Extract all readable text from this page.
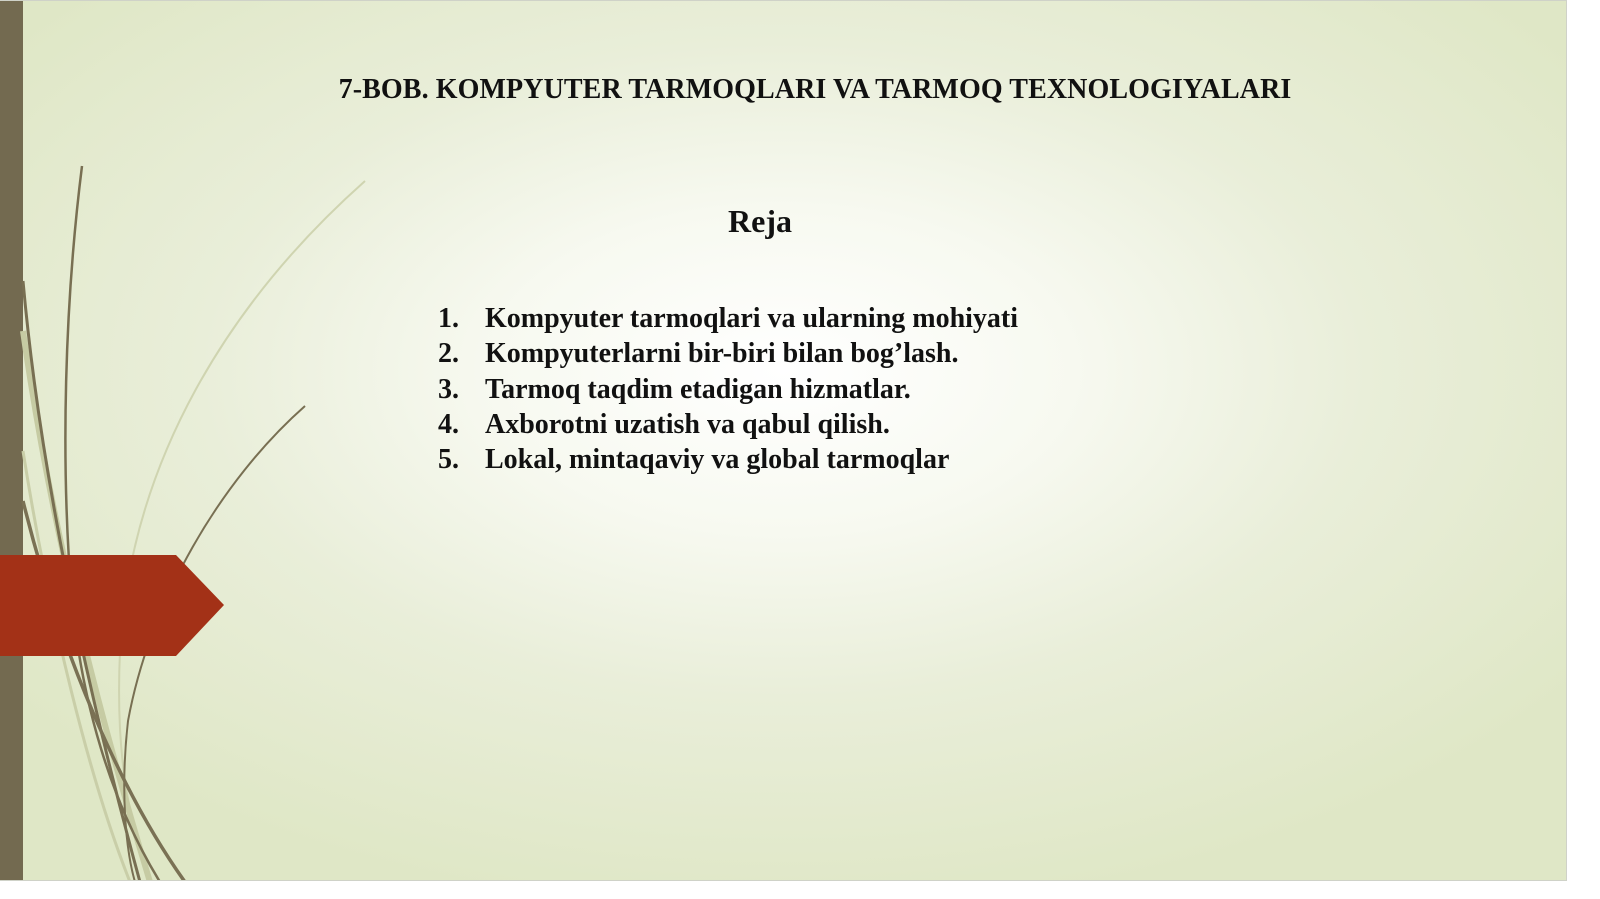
7-BOB. KOMPYUTER TARMOQLARI VA TARMOQ TEXNOLOGIYALARI
Reja
1. Kompyuter tarmoqlari va ularning mohiyati
2. Kompyuterlarni bir-biri bilan bog’lash.
3. Tarmoq taqdim etadigan hizmatlar.
4. Axborotni uzatish va qabul qilish.
5. Lokal, mintaqaviy va global tarmoqlar
